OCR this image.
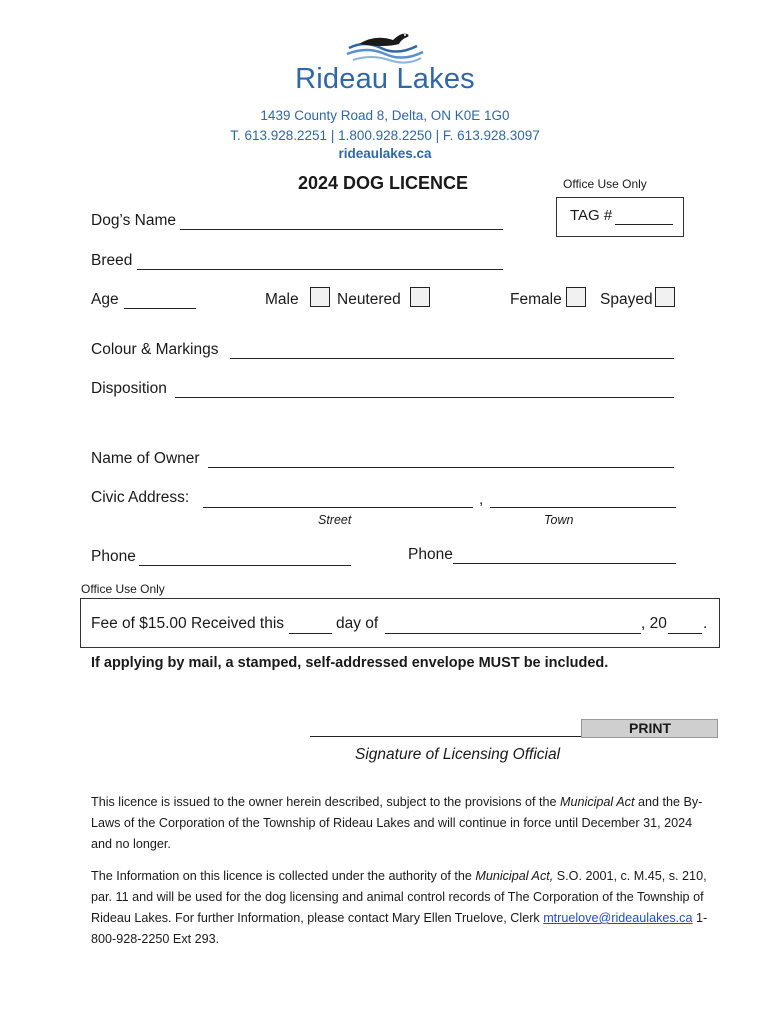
Rideau Lakes
1439 County Road 8, Delta, ON K0E 1G0
T. 613.928.2251 | 1.800.928.2250 | F. 613.928.3097
rideaulakes.ca
2024 DOG LICENCE	Office Use Only
TAG #
Dog’s Name
Breed
Age	Male Neutered	Female Spayed
Colour & Markings
Disposition
Name of Owner
Civic Address:	,
Street	Town
Phone	Phone
Office Use Only
Fee of $15.00 Received this	day of	, 20 .
If applying by mail, a stamped, self-addressed envelope MUST be included.
PRINT
Signature of Licensing Official
This licence is issued to the owner herein described, subject to the provisions of the Municipal Act and the By-Laws of the Corporation of the Township of Rideau Lakes and will continue in force until December 31, 2024 and no longer.
The Information on this licence is collected under the authority of the Municipal Act, S.O. 2001, c. M.45, s. 210, par. 11 and will be used for the dog licensing and animal control records of The Corporation of the Township of Rideau Lakes. For further Information, please contact Mary Ellen Truelove, Clerk mtruelove@rideaulakes.ca 1-800-928-2250 Ext 293.
